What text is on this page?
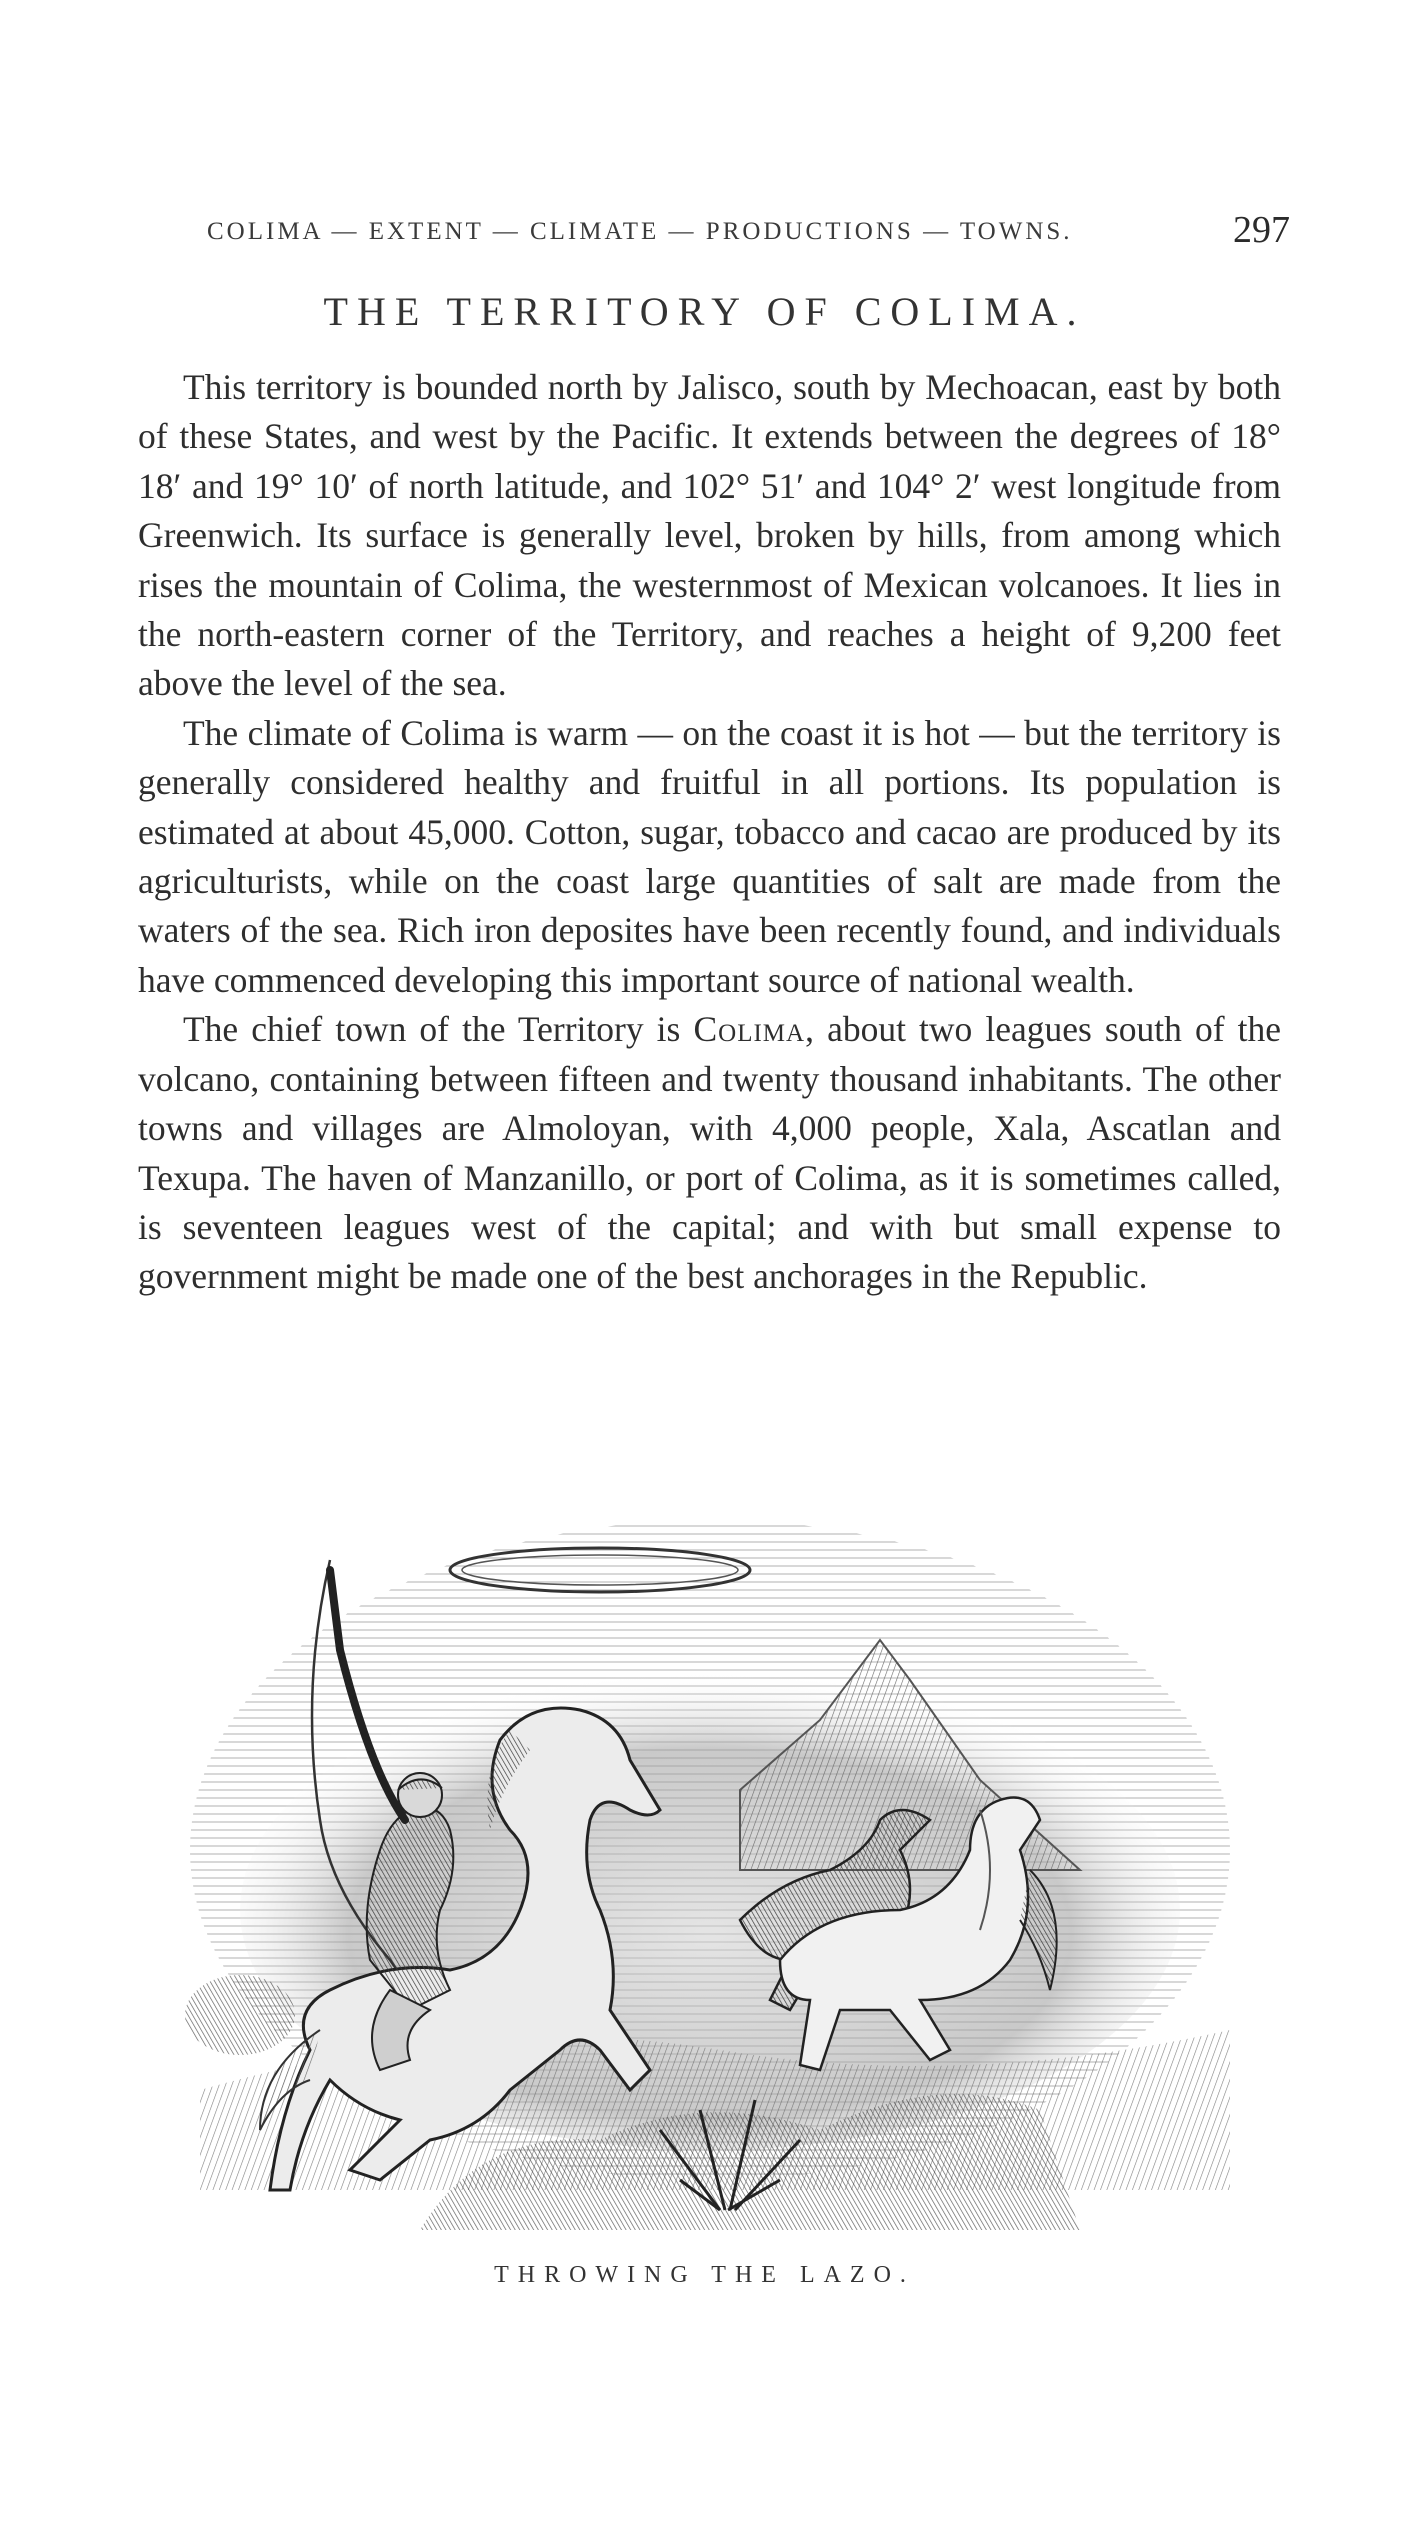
COLIMA — EXTENT — CLIMATE — PRODUCTIONS — TOWNS.	297
THE TERRITORY OF COLIMA.

This territory is bounded north by Jalisco, south by Mechoacan, east by both of these States, and west by the Pacific. It extends between the degrees of 18° 18′ and 19° 10′ of north latitude, and 102° 51′ and 104° 2′ west longitude from Greenwich. Its surface is generally level, broken by hills, from among which rises the mountain of Colima, the westernmost of Mexican volcanoes. It lies in the north-eastern corner of the Territory, and reaches a height of 9,200 feet above the level of the sea.

The climate of Colima is warm — on the coast it is hot — but the territory is generally considered healthy and fruitful in all portions. Its population is estimated at about 45,000. Cotton, sugar, tobacco and cacao are produced by its agriculturists, while on the coast large quantities of salt are made from the waters of the sea. Rich iron deposites have been recently found, and individuals have commenced developing this important source of national wealth.

The chief town of the Territory is Colima, about two leagues south of the volcano, containing between fifteen and twenty thousand inhabitants. The other towns and villages are Almoloyan, with 4,000 people, Xala, Ascatlan and Texupa. The haven of Manzanillo, or port of Colima, as it is sometimes called, is seventeen leagues west of the capital; and with but small expense to government might be made one of the best anchorages in the Republic.

THROWING THE LAZO.
